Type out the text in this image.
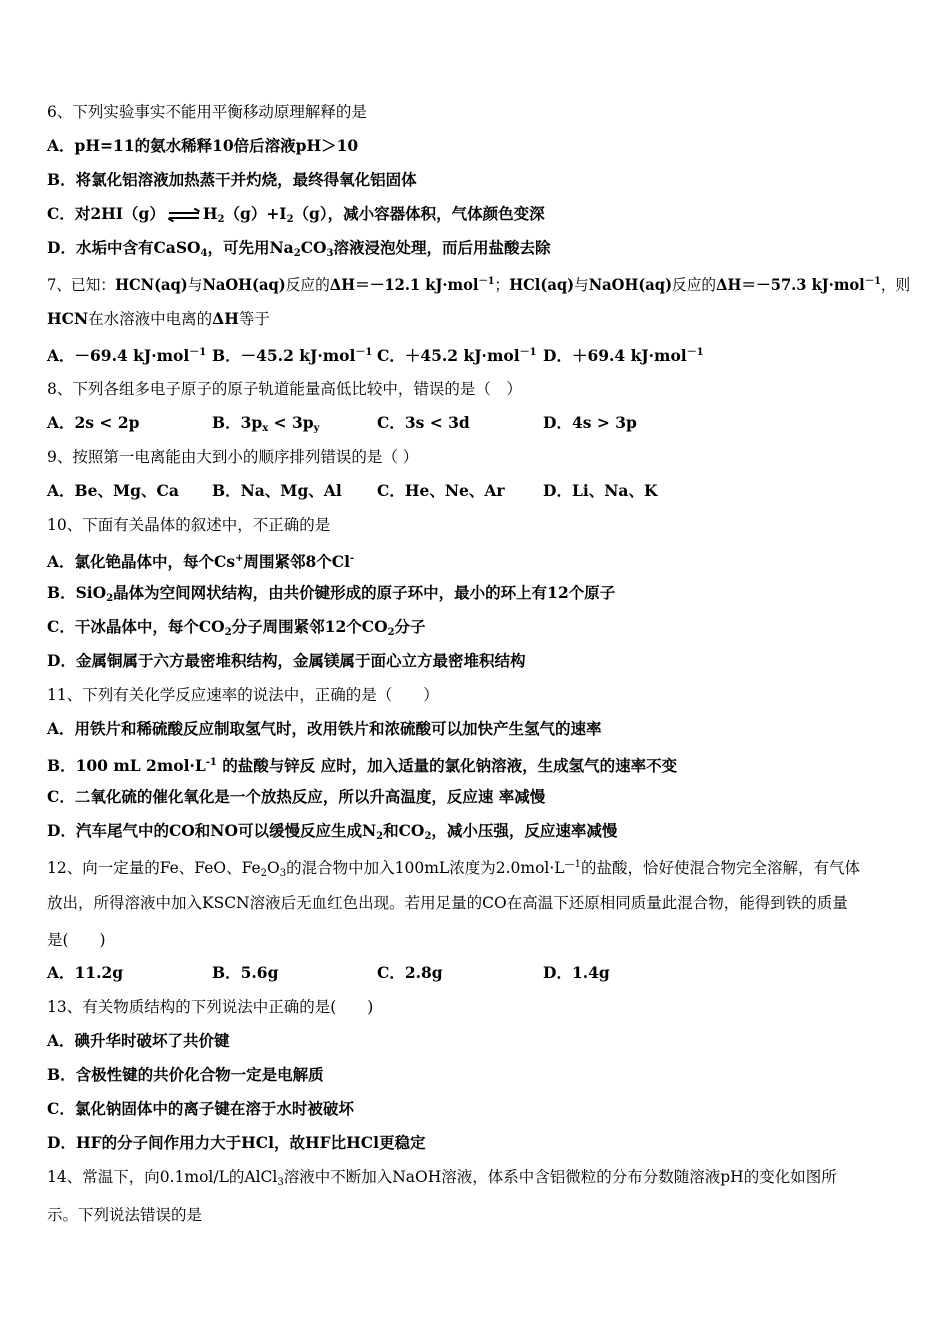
6、下列实验事实不能用平衡移动原理解释的是
A．pH=11的氨水稀释10倍后溶液pH＞10
B．将氯化铝溶液加热蒸干并灼烧，最终得氧化铝固体
C．对2HI（g） $H_2(g)+I_2(g)$，减小容器体积，气体颜色变深
D．水垢中含有CaSO$_4$，可先用$Na_2CO_3$溶液浸泡处理，而后用盐酸去除
7、已知：HCN(aq)与NaOH(aq)反应的ΔH＝－12.1 kJ·mol$^{-1}$；HCl(aq)与NaOH(aq)反应的ΔH＝－57.3 kJ·mol$^{-1}$，则
HCN在水溶液中电离的ΔH等于
A．－69.4 kJ·mol$^{-1}$ B．－45.2 kJ·mol$^{-1}$ C．＋45.2 kJ·mol$^{-1}$ D．＋69.4 kJ·mol$^{-1}$
8、下列各组多电子原子的原子轨道能量高低比较中，错误的是（　）
A．2s < 2p	B．$3p_x < 3p_y$	C．3s < 3d	D．4s > 3p
9、按照第一电离能由大到小的顺序排列错误的是（ ）
A．Be、Mg、Ca B．Na、Mg、Al C．He、Ne、Ar D．Li、Na、K
10、下面有关晶体的叙述中，不正确的是
A．氯化铯晶体中，每个Cs+周围紧邻8个Cl-
B．SiO$_2$晶体为空间网状结构，由共价键形成的原子环中，最小的环上有12个原子
C．干冰晶体中，每个$CO_2$分子周围紧邻12个$CO_2$分子
D．金属铜属于六方最密堆积结构，金属镁属于面心立方最密堆积结构
11、下列有关化学反应速率的说法中，正确的是（　　）
A．用铁片和稀硫酸反应制取氢气时，改用铁片和浓硫酸可以加快产生氢气的速率
B．100 mL $2mol\cdot L^{-1}$ 的盐酸与锌反 应时，加入适量的氯化钠溶液，生成氢气的速率不变
C．二氧化硫的催化氧化是一个放热反应，所以升高温度，反应速 率减慢
D．汽车尾气中的CO和NO可以缓慢反应生成$N_2$和$CO_2$，减小压强，反应速率减慢
12、向一定量的Fe、FeO、$Fe_2O_3$的混合物中加入100mL浓度为$2.0mol\cdot L^{—1}$的盐酸，恰好使混合物完全溶解，有气体
放出，所得溶液中加入KSCN溶液后无血红色出现。若用足量的CO在高温下还原相同质量此混合物，能得到铁的质量
是(　　)
A．11.2g	B．5.6g	C．2.8g	D．1.4g
13、有关物质结构的下列说法中正确的是(　　)
A．碘升华时破坏了共价键
B．含极性键的共价化合物一定是电解质
C．氯化钠固体中的离子键在溶于水时被破坏
D．HF的分子间作用力大于HCl，故HF比HCl更稳定
14、常温下，向0.1mol/L的AlCl$_3$溶液中不断加入NaOH溶液，体系中含铝微粒的分布分数随溶液pH的变化如图所
示。下列说法错误的是
